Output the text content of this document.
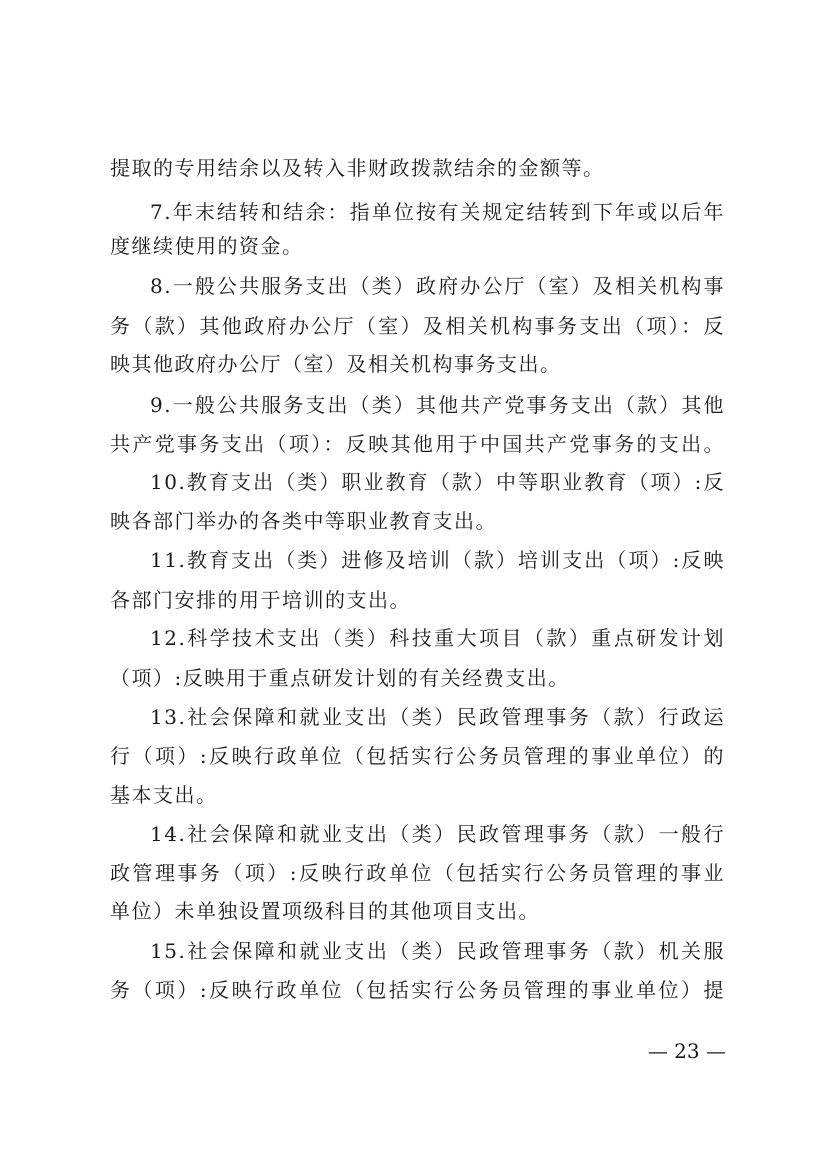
提取的专用结余以及转入非财政拨款结余的金额等。
7.年末结转和结余：指单位按有关规定结转到下年或以后年
度继续使用的资金。
8.一般公共服务支出（类）政府办公厅（室）及相关机构事
务（款）其他政府办公厅（室）及相关机构事务支出（项）：反
映其他政府办公厅（室）及相关机构事务支出。
9.一般公共服务支出（类）其他共产党事务支出（款）其他
共产党事务支出（项）：反映其他用于中国共产党事务的支出。
10.教育支出（类）职业教育（款）中等职业教育（项）:反
映各部门举办的各类中等职业教育支出。
11.教育支出（类）进修及培训（款）培训支出（项）:反映
各部门安排的用于培训的支出。
12.科学技术支出（类）科技重大项目（款）重点研发计划
（项）:反映用于重点研发计划的有关经费支出。
13.社会保障和就业支出（类）民政管理事务（款）行政运
行（项）:反映行政单位（包括实行公务员管理的事业单位）的
基本支出。
14.社会保障和就业支出（类）民政管理事务（款）一般行
政管理事务（项）:反映行政单位（包括实行公务员管理的事业
单位）未单独设置项级科目的其他项目支出。
15.社会保障和就业支出（类）民政管理事务（款）机关服
务（项）:反映行政单位（包括实行公务员管理的事业单位）提
— 23 —
